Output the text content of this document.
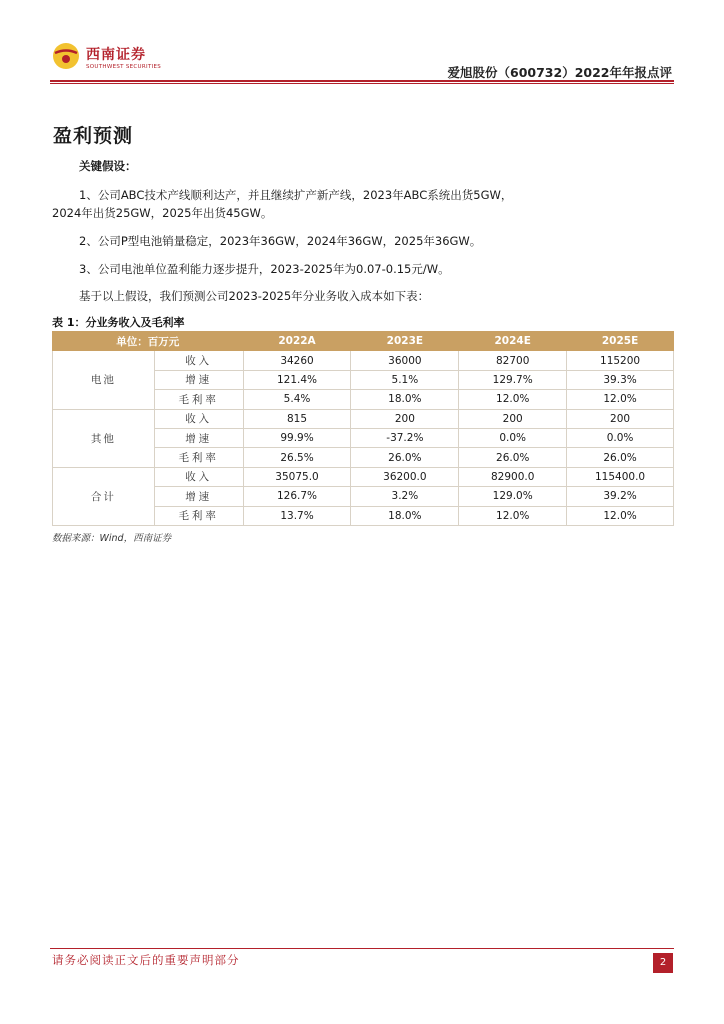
西南证券
SOUTHWEST SECURITIES	爱旭股份（600732）2022年年报点评
盈利预测
关键假设：
1、公司ABC技术产线顺利达产，并且继续扩产新产线，2023年ABC系统出货5GW，
2024年出货25GW，2025年出货45GW。
2、公司P型电池销量稳定，2023年36GW，2024年36GW，2025年36GW。
3、公司电池单位盈利能力逐步提升，2023-2025年为0.07-0.15元/W。
基于以上假设，我们预测公司2023-2025年分业务收入成本如下表：
表 1：分业务收入及毛利率
单位：百万元		2022A	2023E	2024E	2025E
电池	收入	34260	36000	82700	115200
	增速	121.4%	5.1%	129.7%	39.3%
	毛利率	5.4%	18.0%	12.0%	12.0%
其他	收入	815	200	200	200
	增速	99.9%	-37.2%	0.0%	0.0%
	毛利率	26.5%	26.0%	26.0%	26.0%
合计	收入	35075.0	36200.0	82900.0	115400.0
	增速	126.7%	3.2%	129.0%	39.2%
	毛利率	13.7%	18.0%	12.0%	12.0%
数据来源：Wind，西南证券
请务必阅读正文后的重要声明部分	2
